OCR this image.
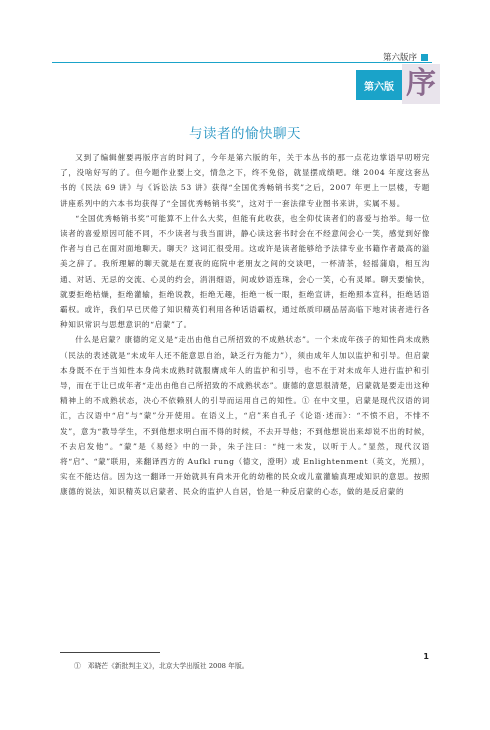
第六版序
第六版 序
与读者的愉快聊天

又到了编辑催要再版序言的时间了，今年是第六版的年，关于本丛书的那一点花边掌语早叨唠完了，没啥好写的了。但今题作业要上交，情急之下，终不免俗，就显摆成绩吧。继 2004 年度这套丛书的《民法 69 讲》与《诉讼法 53 讲》获得“全国优秀畅销书奖”之后，2007 年更上一层楼，专题讲座系列中的六本书均获得了“全国优秀畅销书奖”，这对于一套法律专业图书来讲，实属不易。

“全国优秀畅销书奖”可能算不上什么大奖，但能有此收获，也全仰仗读者们的喜爱与抬举。每一位读者的喜爱原因可能不同，不少读者与我当面讲，静心读这套书时会在不经意间会心一笑，感觉到好像作者与自己在面对面地聊天。聊天？这词汇很受用。这或许是读者能够给予法律专业书籍作者最高的溢美之辞了。我所理解的聊天就是在夏夜的庭院中老朋友之间的交谈吧，一杯清茶，轻摇蒲扇，相互沟通、对话、无忌的交流、心灵的约会，涓涓细语，间或妙语连珠，会心一笑，心有灵犀。聊天要愉快，就要拒绝枯燥，拒绝灌输，拒绝说教，拒绝无趣，拒绝一板一眼，拒绝宣讲，拒绝照本宣科，拒绝话语霸权。或许，我们早已厌倦了知识精英们利用各种话语霸权，通过纸质印刷品居高临下地对读者进行各种知识常识与思想意识的“启蒙”了。

什么是启蒙？康德的定义是“走出由他自己所招致的不成熟状态”。一个未成年孩子的知性尚未成熟（民法的表述就是“未成年人还不能意思自治，缺乏行为能力”），须由成年人加以监护和引导。但启蒙本身既不在于当知性本身尚未成熟时就服膺成年人的监护和引导，也不在于对未成年人进行监护和引导，而在于让已成年者“走出由他自己所招致的不成熟状态”。康德的意思很清楚，启蒙就是要走出这种精神上的不成熟状态，决心不依赖别人的引导而运用自己的知性。① 在中文里，启蒙是现代汉语的词汇，古汉语中“启”与“蒙”分开使用。在语义上，“启”来自孔子《论语·述而》：“不愤不启，不悱不发”，意为“教导学生，不到他想求明白而不得的时候，不去开导他；不到他想说出来却说不出的时候，不去启发他”。“蒙”是《易经》中的一卦，朱子注曰：“纯一未发，以听于人。”显然，现代汉语将“启”、“蒙”联用，来翻译西方的 Aufkl rung（德文，澄明）或 Enlightenment（英文，光照），实在不能达信。因为这一翻译一开始就具有尚未开化的幼稚的民众或儿童灌输真理或知识的意思。按照康德的说法，知识精英以启蒙者、民众的监护人自居，恰是一种反启蒙的心态，做的是反启蒙的

①　邓晓芒《新批判主义》，北京大学出版社 2008 年版。
1
